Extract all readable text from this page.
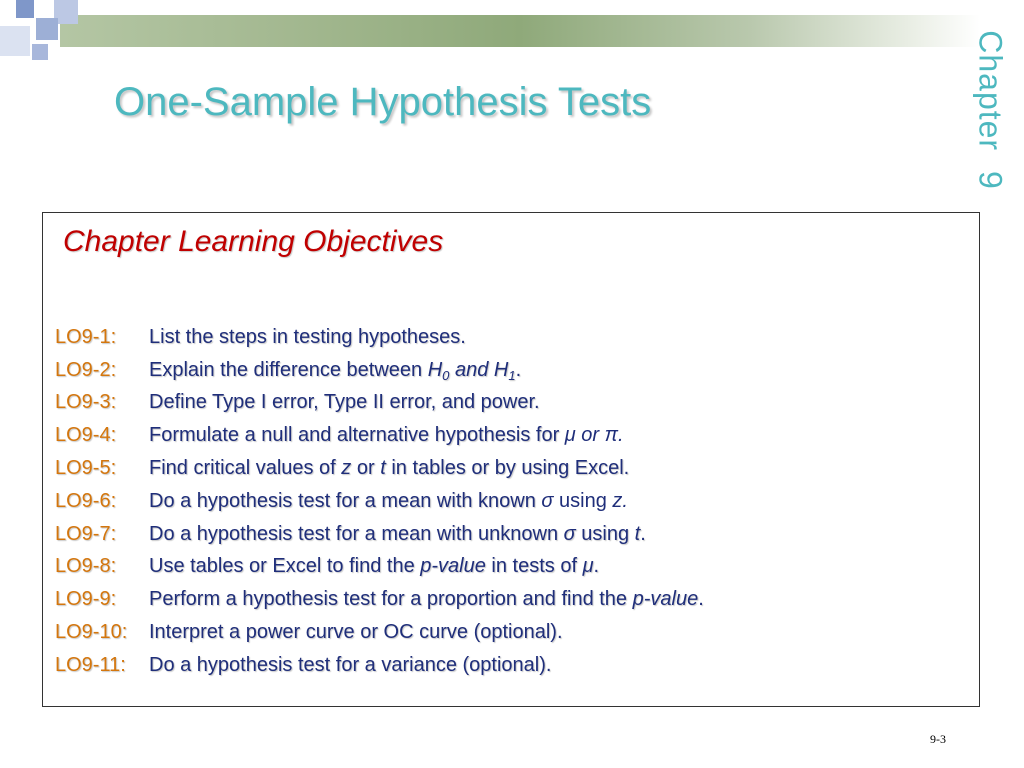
One-Sample Hypothesis Tests	Chapter 9
Chapter Learning Objectives
LO9-1:	List the steps in testing hypotheses.
LO9-2:	Explain the difference between $H_0$ and $H_1$.
LO9-3:	Define Type I error, Type II error, and power.
LO9-4:	Formulate a null and alternative hypothesis for μ or π.
LO9-5:	Find critical values of z or t in tables or by using Excel.
LO9-6:	Do a hypothesis test for a mean with known σ using z.
LO9-7:	Do a hypothesis test for a mean with unknown σ using t.
LO9-8:	Use tables or Excel to find the p-value in tests of μ.
LO9-9:	Perform a hypothesis test for a proportion and find the p-value.
LO9-10:	Interpret a power curve or OC curve (optional).
LO9-11:	Do a hypothesis test for a variance (optional).
9-3
